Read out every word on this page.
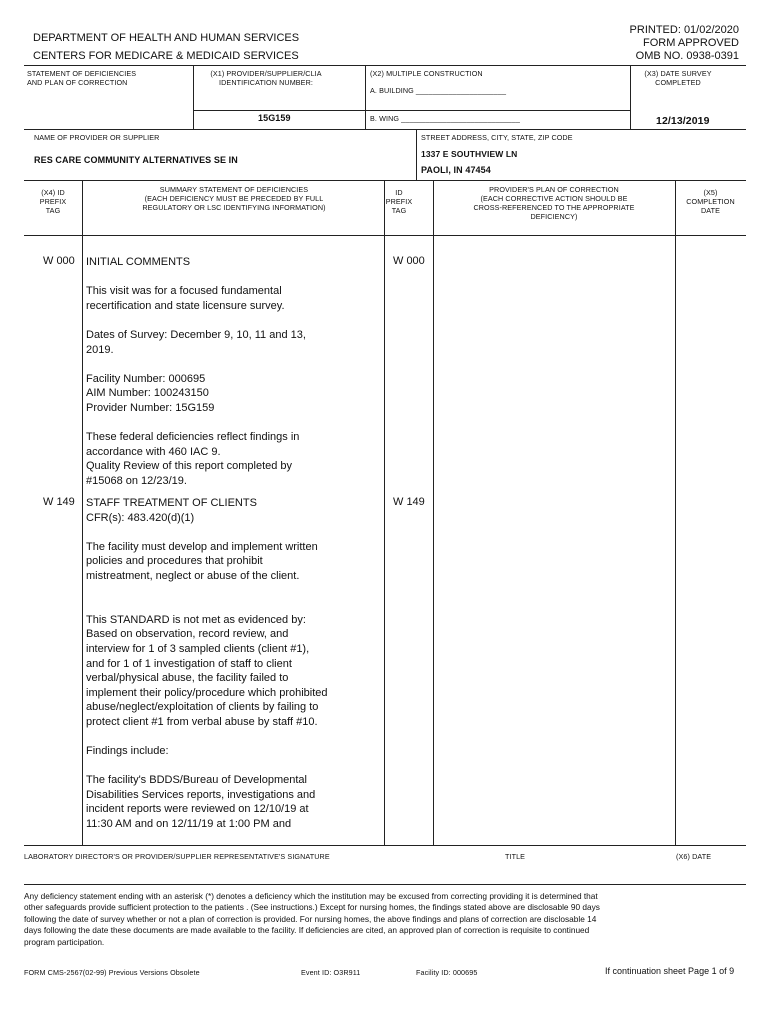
DEPARTMENT OF HEALTH AND HUMAN SERVICES
CENTERS FOR MEDICARE & MEDICAID SERVICES
PRINTED: 01/02/2020
FORM APPROVED
OMB NO. 0938-0391
STATEMENT OF DEFICIENCIES
AND PLAN OF CORRECTION
(X1) PROVIDER/SUPPLIER/CLIA
IDENTIFICATION NUMBER:
15G159
(X2) MULTIPLE CONSTRUCTION
A. BUILDING ______________________
B. WING _____________________________
(X3) DATE SURVEY
COMPLETED
12/13/2019
NAME OF PROVIDER OR SUPPLIER
RES CARE COMMUNITY ALTERNATIVES SE IN
STREET ADDRESS, CITY, STATE, ZIP CODE
1337 E SOUTHVIEW LN
PAOLI, IN 47454
(X4) ID
PREFIX
TAG
SUMMARY STATEMENT OF DEFICIENCIES
(EACH DEFICIENCY MUST BE PRECEDED BY FULL
REGULATORY OR LSC IDENTIFYING INFORMATION)
ID
PREFIX
TAG
PROVIDER'S PLAN OF CORRECTION
(EACH CORRECTIVE ACTION SHOULD BE
CROSS-REFERENCED TO THE APPROPRIATE
DEFICIENCY)
(X5)
COMPLETION
DATE
W 000	W 000
INITIAL COMMENTS

This visit was for a focused fundamental
recertification and state licensure survey.

Dates of Survey: December 9, 10, 11 and 13,
2019.

Facility Number: 000695
AIM Number: 100243150
Provider Number: 15G159

These federal deficiencies reflect findings in
accordance with 460 IAC 9.
Quality Review of this report completed by
#15068 on 12/23/19.
W 149	W 149
STAFF TREATMENT OF CLIENTS
CFR(s): 483.420(d)(1)

The facility must develop and implement written
policies and procedures that prohibit
mistreatment, neglect or abuse of the client.

This STANDARD is not met as evidenced by:
Based on observation, record review, and
interview for 1 of 3 sampled clients (client #1),
and for 1 of 1 investigation of staff to client
verbal/physical abuse, the facility failed to
implement their policy/procedure which prohibited
abuse/neglect/exploitation of clients by failing to
protect client #1 from verbal abuse by staff #10.

Findings include:

The facility's BDDS/Bureau of Developmental
Disabilities Services reports, investigations and
incident reports were reviewed on 12/10/19 at
11:30 AM and on 12/11/19 at 1:00 PM and
LABORATORY DIRECTOR'S OR PROVIDER/SUPPLIER REPRESENTATIVE'S SIGNATURE	TITLE	(X6) DATE
Any deficiency statement ending with an asterisk (*) denotes a deficiency which the institution may be excused from correcting providing it is determined that
other safeguards provide sufficient protection to the patients . (See instructions.) Except for nursing homes, the findings stated above are disclosable 90 days
following the date of survey whether or not a plan of correction is provided. For nursing homes, the above findings and plans of correction are disclosable 14
days following the date these documents are made available to the facility. If deficiencies are cited, an approved plan of correction is requisite to continued
program participation.
FORM CMS-2567(02-99) Previous Versions Obsolete	Event ID: O3R911	Facility ID: 000695	If continuation sheet Page 1 of 9
